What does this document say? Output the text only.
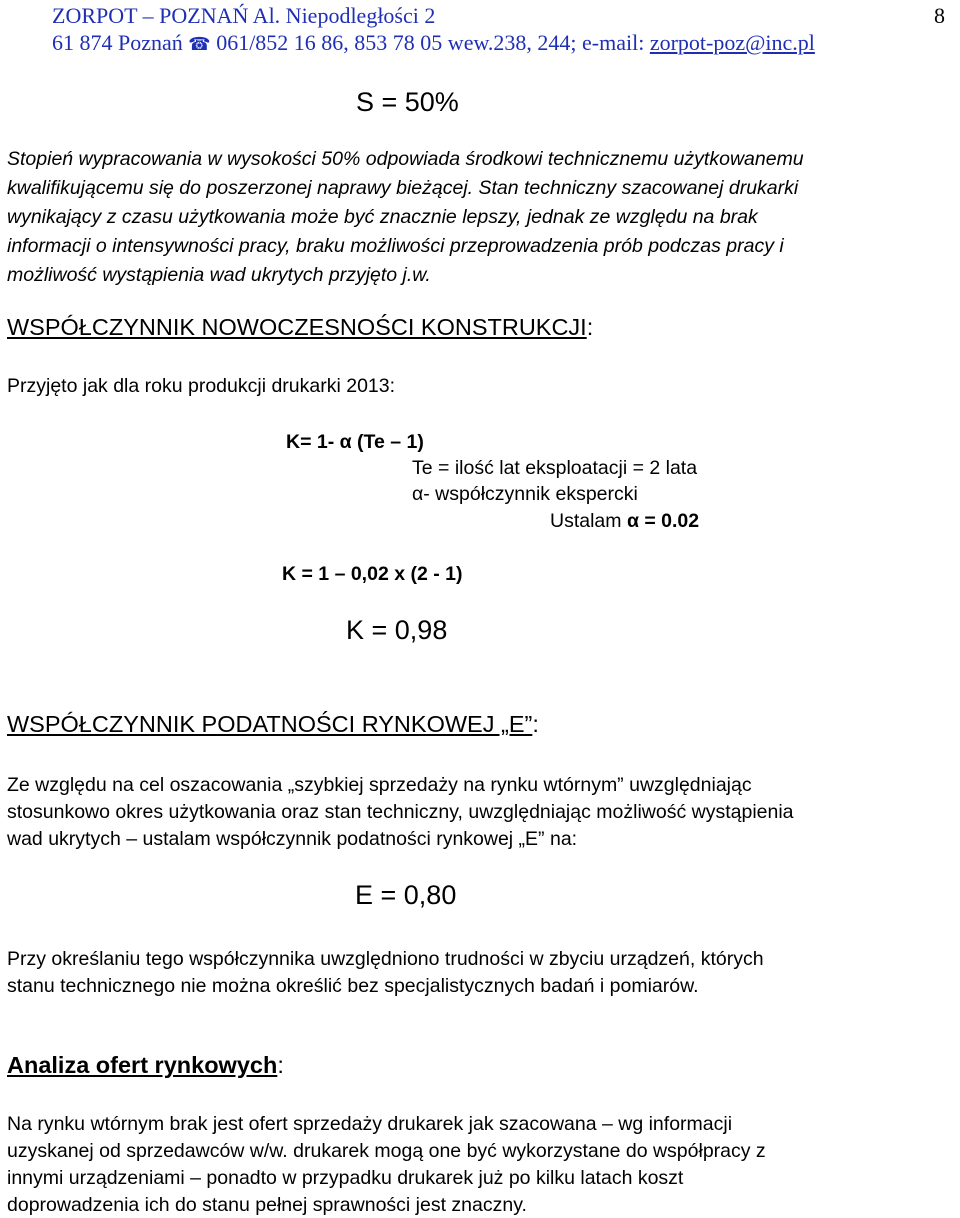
ZORPOT – POZNAŃ Al. Niepodległości 2
61 874 Poznań ☎ 061/852 16 86, 853 78 05 wew.238, 244; e-mail: zorpot-poz@inc.pl
8
S = 50%
Stopień wypracowania w wysokości 50% odpowiada środkowi technicznemu użytkowanemu
kwalifikującemu się do poszerzonej naprawy bieżącej. Stan techniczny szacowanej drukarki
wynikający z czasu użytkowania może być znacznie lepszy, jednak ze względu na brak
informacji o intensywności pracy, braku możliwości przeprowadzenia prób podczas pracy i
możliwość wystąpienia wad ukrytych przyjęto j.w.
WSPÓŁCZYNNIK NOWOCZESNOŚCI KONSTRUKCJI:
Przyjęto jak dla roku produkcji drukarki 2013:
K= 1- α (Te – 1)
Te = ilość lat eksploatacji = 2 lata
α- współczynnik ekspercki
Ustalam α = 0.02
K = 1 – 0,02 x (2 - 1)
K = 0,98
WSPÓŁCZYNNIK PODATNOŚCI RYNKOWEJ „E”:
Ze względu na cel oszacowania „szybkiej sprzedaży na rynku wtórnym” uwzględniając
stosunkowo okres użytkowania oraz stan techniczny, uwzględniając możliwość wystąpienia
wad ukrytych – ustalam współczynnik podatności rynkowej „E” na:
E = 0,80
Przy określaniu tego współczynnika uwzględniono trudności w zbyciu urządzeń, których
stanu technicznego nie można określić bez specjalistycznych badań i pomiarów.
Analiza ofert rynkowych:
Na rynku wtórnym brak jest ofert sprzedaży drukarek jak szacowana – wg informacji
uzyskanej od sprzedawców w/w. drukarek mogą one być wykorzystane do współpracy z
innymi urządzeniami – ponadto w przypadku drukarek już po kilku latach koszt
doprowadzenia ich do stanu pełnej sprawności jest znaczny.
